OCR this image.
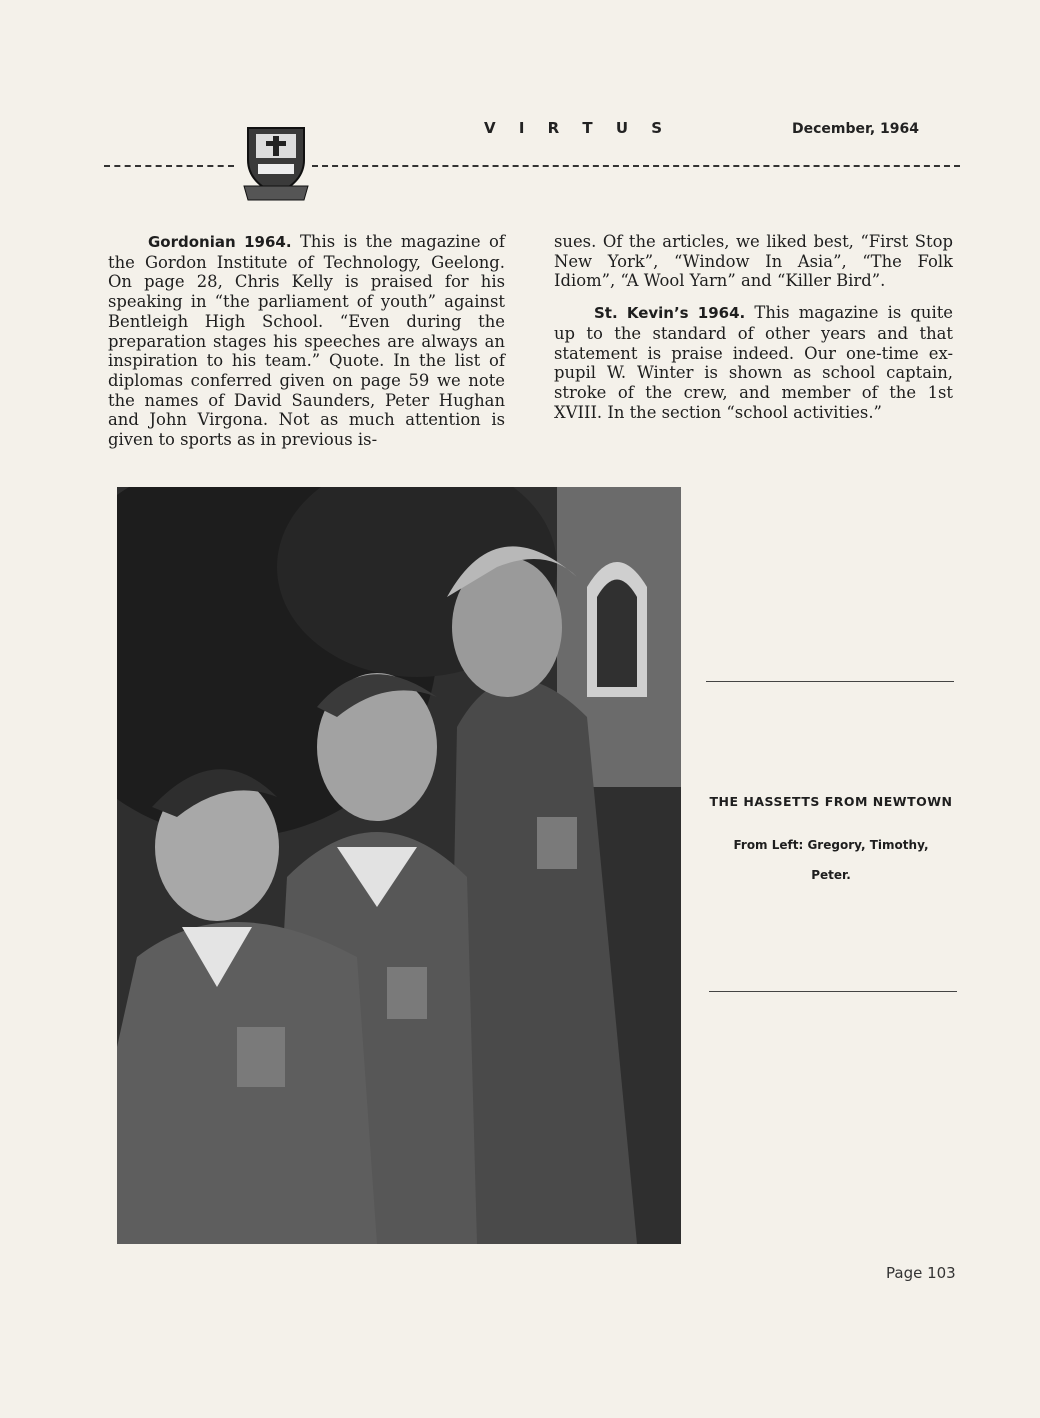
V I R T U S	December, 1964

Gordonian 1964. This is the magazine of the Gordon Institute of Technology, Geelong. On page 28, Chris Kelly is praised for his speaking in “the parliament of youth” against Bentleigh High School. “Even during the preparation stages his speeches are always an inspiration to his team.” Quote. In the list of diplomas conferred given on page 59 we note the names of David Saunders, Peter Hughan and John Virgona. Not as much attention is given to sports as in previous is-

sues. Of the articles, we liked best, “First Stop New York”, “Window In Asia”, “The Folk Idiom”, “A Wool Yarn” and “Killer Bird”.

St. Kevin’s 1964. This magazine is quite up to the standard of other years and that statement is praise indeed. Our one-time ex-pupil W. Winter is shown as school captain, stroke of the crew, and member of the 1st XVIII. In the section “school activities.”

THE HASSETTS FROM NEWTOWN
From Left: Gregory, Timothy,
Peter.
Page 103
